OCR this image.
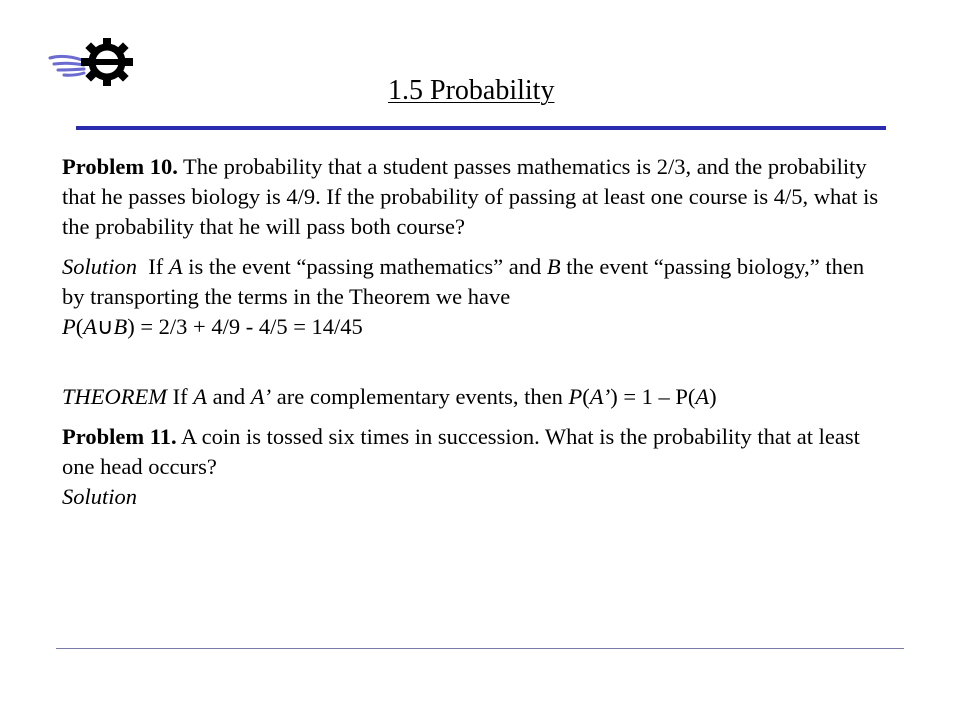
1.5 Probability

Problem 10. The probability that a student passes mathematics is 2/3, and the probability that he passes biology is 4/9. If the probability of passing at least one course is 4/5, what is the probability that he will pass both course?

Solution If A is the event “passing mathematics” and B the event “passing biology,” then by transporting the terms in the Theorem we have
P(A∪B) = 2/3 + 4/9 - 4/5 = 14/45

THEOREM If A and A’ are complementary events, then P(A’) = 1 – P(A)

Problem 11. A coin is tossed six times in succession. What is the probability that at least one head occurs?
Solution
